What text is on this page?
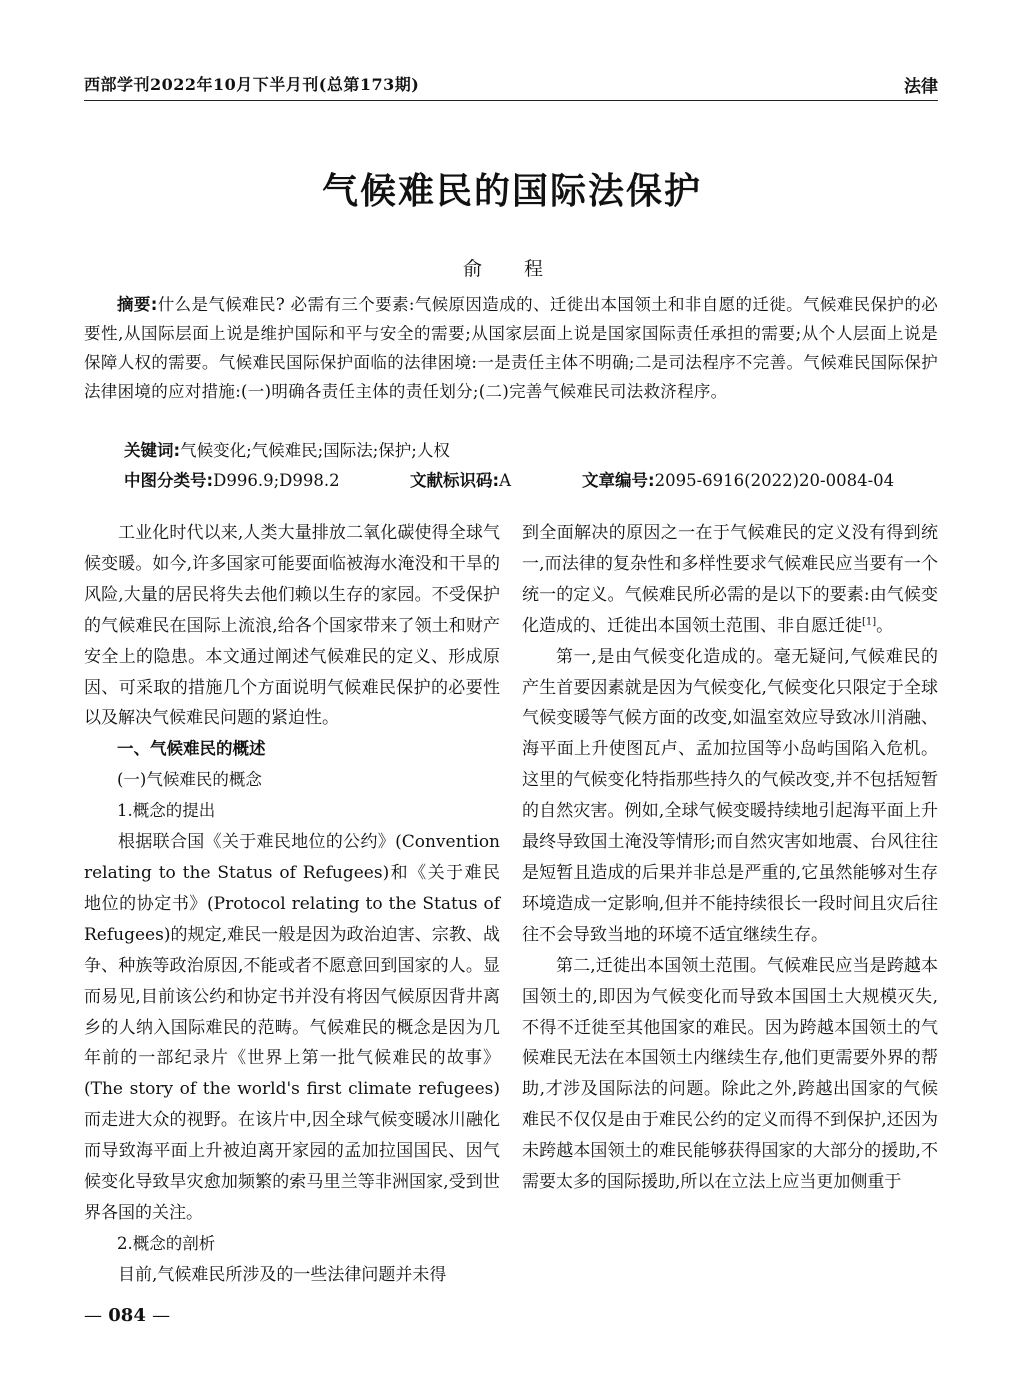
西部学刊2022年10月下半月刊(总第173期)	法律
气候难民的国际法保护
俞 程
摘要:什么是气候难民? 必需有三个要素:气候原因造成的、迁徙出本国领土和非自愿的迁徙。气候难民保护的必要性,从国际层面上说是维护国际和平与安全的需要;从国家层面上说是国家国际责任承担的需要;从个人层面上说是保障人权的需要。气候难民国际保护面临的法律困境:一是责任主体不明确;二是司法程序不完善。气候难民国际保护法律困境的应对措施:(一)明确各责任主体的责任划分;(二)完善气候难民司法救济程序。
关键词:气候变化;气候难民;国际法;保护;人权
中图分类号:D996.9;D998.2	文献标识码:A	文章编号:2095-6916(2022)20-0084-04

工业化时代以来,人类大量排放二氧化碳使得全球气候变暖。如今,许多国家可能要面临被海水淹没和干旱的风险,大量的居民将失去他们赖以生存的家园。不受保护的气候难民在国际上流浪,给各个国家带来了领土和财产安全上的隐患。本文通过阐述气候难民的定义、形成原因、可采取的措施几个方面说明气候难民保护的必要性以及解决气候难民问题的紧迫性。

一、气候难民的概述

(一)气候难民的概念

1.概念的提出

根据联合国《关于难民地位的公约》(Convention relating to the Status of Refugees)和《关于难民地位的协定书》(Protocol relating to the Status of Refugees)的规定,难民一般是因为政治迫害、宗教、战争、种族等政治原因,不能或者不愿意回到国家的人。显而易见,目前该公约和协定书并没有将因气候原因背井离乡的人纳入国际难民的范畴。气候难民的概念是因为几年前的一部纪录片《世界上第一批气候难民的故事》(The story of the world's first climate refugees)而走进大众的视野。在该片中,因全球气候变暖冰川融化而导致海平面上升被迫离开家园的孟加拉国国民、因气候变化导致旱灾愈加频繁的索马里兰等非洲国家,受到世界各国的关注。

2.概念的剖析

目前,气候难民所涉及的一些法律问题并未得

到全面解决的原因之一在于气候难民的定义没有得到统一,而法律的复杂性和多样性要求气候难民应当要有一个统一的定义。气候难民所必需的是以下的要素:由气候变化造成的、迁徙出本国领土范围、非自愿迁徙[1]。

第一,是由气候变化造成的。毫无疑问,气候难民的产生首要因素就是因为气候变化,气候变化只限定于全球气候变暖等气候方面的改变,如温室效应导致冰川消融、海平面上升使图瓦卢、孟加拉国等小岛屿国陷入危机。这里的气候变化特指那些持久的气候改变,并不包括短暂的自然灾害。例如,全球气候变暖持续地引起海平面上升最终导致国土淹没等情形;而自然灾害如地震、台风往往是短暂且造成的后果并非总是严重的,它虽然能够对生存环境造成一定影响,但并不能持续很长一段时间且灾后往往不会导致当地的环境不适宜继续生存。

第二,迁徙出本国领土范围。气候难民应当是跨越本国领土的,即因为气候变化而导致本国国土大规模灭失,不得不迁徙至其他国家的难民。因为跨越本国领土的气候难民无法在本国领土内继续生存,他们更需要外界的帮助,才涉及国际法的问题。除此之外,跨越出国家的气候难民不仅仅是由于难民公约的定义而得不到保护,还因为未跨越本国领土的难民能够获得国家的大部分的援助,不需要太多的国际援助,所以在立法上应当更加侧重于

— 084 —
